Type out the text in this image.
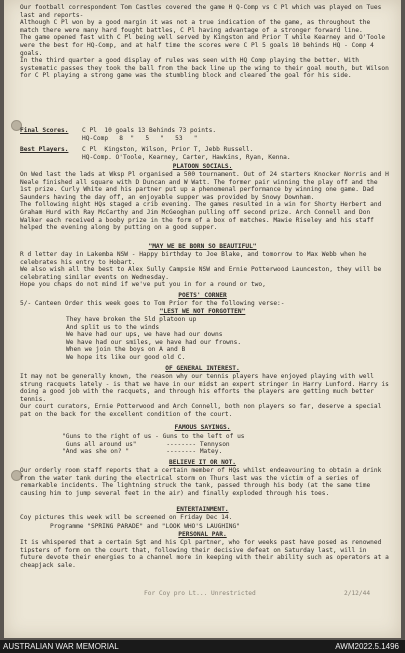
Our football correspondent Tom Castles covered the game H Q-Comp vs C Pl which was played on Tues last and reports-
Although C Pl won by a good margin it was not a true indication of the game, as throughout the match there were many hard fought battles, C Pl having advantage of a stronger forward line.
The game opened fast with C Pl being well served by Kingston and Prior T while Kearney and O'Toole were the best for HQ-Comp, and at half time the scores were C Pl 5 goals 10 behinds HQ - Comp 4 goals.
In the third quarter a good display of rules was seen with HQ Comp playing the better. With systematic passes they took the ball from the back line up the wing to their goal mouth, but Wilson for C Pl playing a strong game was the stumbling block and cleared the goal for his side.
Final Scores.	C Pl  10 goals 13 Behinds 73 points.
HQ-Comp   8  "   5   "   53   "
Best Players.	C Pl  Kingston, Wilson, Prior T, Jebb Russell.
HQ-Comp. O'Toole, Kearney, Carter, Hawkins, Ryan, Kenna.
PLATOON SOCIALS.
On Wed last the lads at Wksp Pl organised a 500 tournament. Out of 24 starters Knocker Norris and H Neale finished all square with D Duncan and W Watt. The former pair winning the play off and the 1st prize. Curly White and his partner put up a phenomenal performance by winning one game. Dad Saunders having the day off, an enjoyable supper was provided by Snowy Downham.
The following night HQs staged a crib evening. The games resulted in a win for Shorty Herbert and Graham Hurd with Ray McCarthy and Jim McGeoghan pulling off second prize. Arch Connell and Don Walker each received a booby prize in the form of a box of matches. Mawie Riseley and his staff helped the evening along by putting on a good supper.
"MAY WE BE BORN SO BEAUTIFUL"
R d letter day in Lakemba NSW - Happy birthday to Joe Blake, and tomorrow to Max Webb when he celebrates his entry to Hobart.
We also wish all the best to Alex Sully Campsie NSW and Ernie Potterwood Launceston, they will be celebrating similar events on Wednesday.
Hope you chaps do not mind if we've put you in for a round or two,
POETS' CORNER
5/- Canteen Order this week goes to Tom Prior for the following verse:-
"LEST WE NOT FORGOTTEN"
They have broken the 5ld platoon up
And split us to the winds
We have had our ups, we have had our downs
We have had our smiles, we have had our frowns.
When we join the boys on A and B
We hope its like our good old C.
OF GENERAL INTEREST.
It may not be generally known, the reason why our tennis players have enjoyed playing with well strung racquets lately - is that we have in our midst an expert stringer in Harry Lunford. Harry is doing a good job with the racquets, and through his efforts the players are getting much better tennis.
Our court curators, Ernie Potterwood and Arch Connell, both non players so far, deserve a special pat on the back for the excellent condition of the court.
FAMOUS SAYINGS.
"Guns to the right of us - Guns to the left of us
Guns all around us"        -------- Tennyson
"And was she on? "          -------- Matey.
BELIEVE IT OR NOT.
Our orderly room staff reports that a certain member of HQs whilst endeavouring to obtain a drink from the water tank during the electrical storm on Thurs last was the victim of a series of remarkable incidents. The lightning struck the tank, passed through his body (at the same time causing him to jump several feet in the air) and finally exploded through his toes.
ENTERTAINMENT.
Coy pictures this week will be screened on Friday Dec 14.
Programme "SPRING PARADE" and "LOOK WHO'S LAUGHING"
PERSONAL PAR.
It is whispered that a certain Sgt and his Cpl partner, who for weeks past have posed as renowned tipsters of form on the court that, following their decisive defeat on Saturday last, will in future devote their energies to a channel more in keeping with their ability such as operators at a cheapjack sale.
For Coy pro Lt... Unrestricted	2/12/44
AUSTRALIAN WAR MEMORIAL	AWM2022.5.1496
